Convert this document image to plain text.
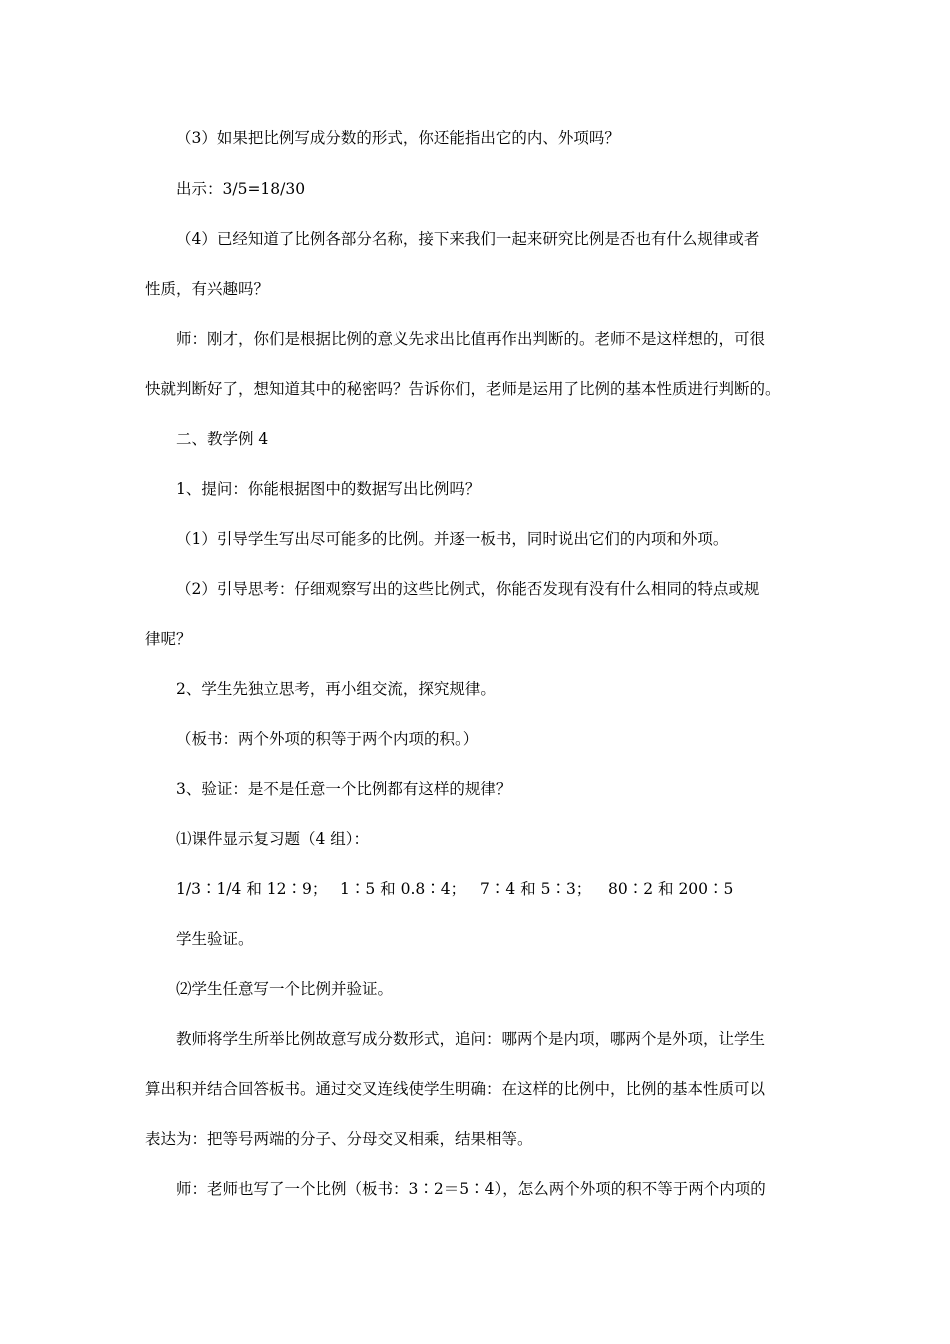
（3）如果把比例写成分数的形式，你还能指出它的内、外项吗？
出示：3/5=18/30
（4）已经知道了比例各部分名称，接下来我们一起来研究比例是否也有什么规律或者
性质，有兴趣吗？
师：刚才，你们是根据比例的意义先求出比值再作出判断的。老师不是这样想的，可很
快就判断好了，想知道其中的秘密吗？告诉你们，老师是运用了比例的基本性质进行判断的。
二、教学例 4
1、提问：你能根据图中的数据写出比例吗？
（1）引导学生写出尽可能多的比例。并逐一板书，同时说出它们的内项和外项。
（2）引导思考：仔细观察写出的这些比例式，你能否发现有没有什么相同的特点或规
律呢？
2、学生先独立思考，再小组交流，探究规律。
（板书：两个外项的积等于两个内项的积。）
3、验证：是不是任意一个比例都有这样的规律？
⑴课件显示复习题（4 组）：
1/3∶1/4 和 12∶9； 1∶5 和 0.8∶4； 7∶4 和 5∶3； 80∶2 和 200∶5
学生验证。
⑵学生任意写一个比例并验证。
教师将学生所举比例故意写成分数形式，追问：哪两个是内项，哪两个是外项，让学生
算出积并结合回答板书。通过交叉连线使学生明确：在这样的比例中，比例的基本性质可以
表达为：把等号两端的分子、分母交叉相乘，结果相等。
师：老师也写了一个比例（板书：3∶2＝5∶4），怎么两个外项的积不等于两个内项的
